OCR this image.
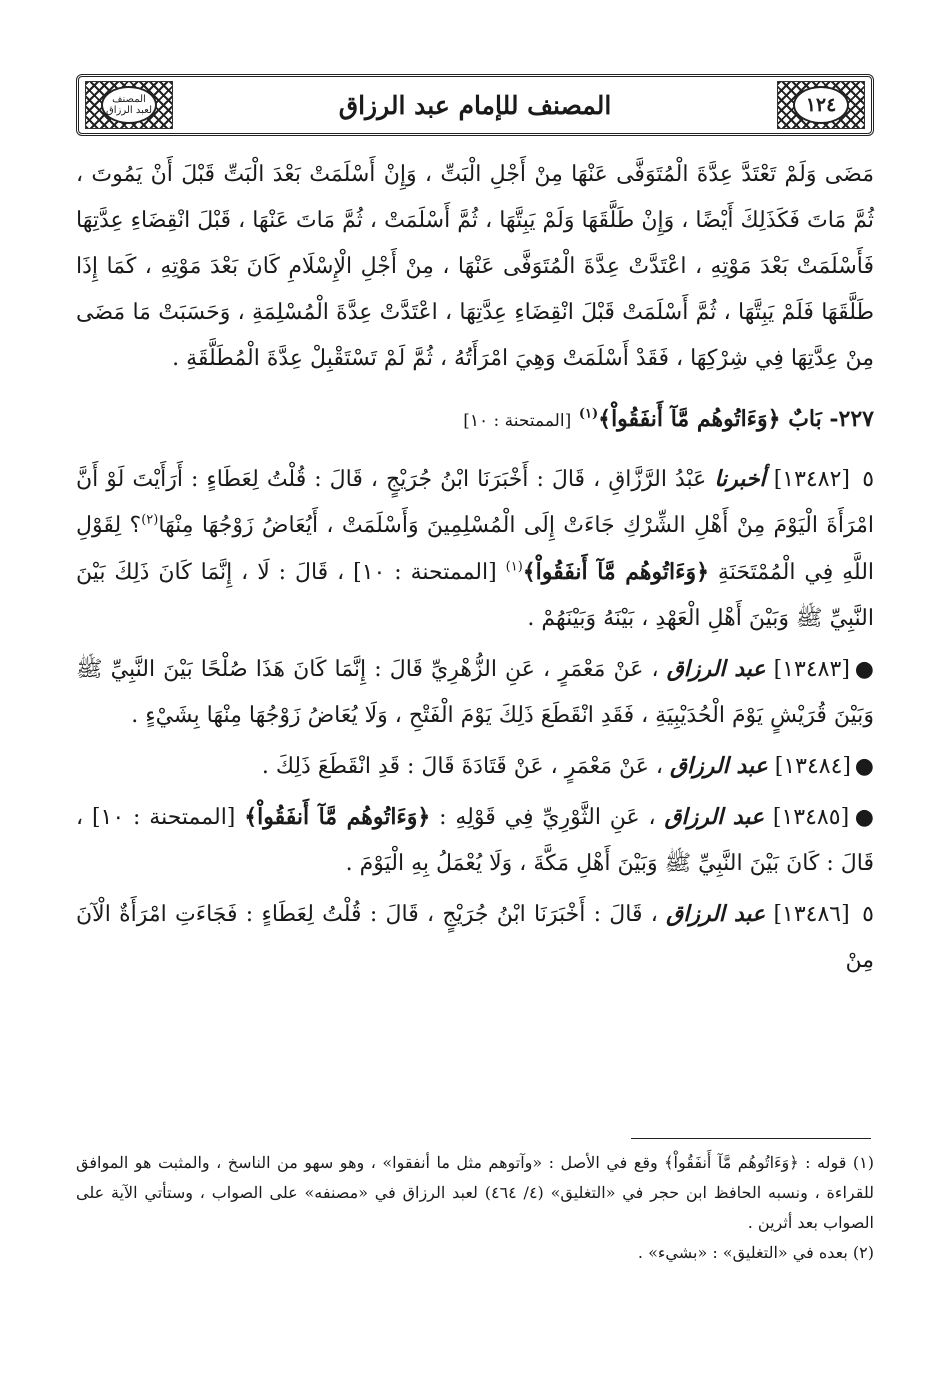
١٢٤
المصنف للإمام عبد الرزاق
المصنف لعبد الرزاق

مَضَى وَلَمْ تَعْتَدَّ عِدَّةَ الْمُتَوَفَّى عَنْهَا مِنْ أَجْلِ الْبَتِّ ، وَإِنْ أَسْلَمَتْ بَعْدَ الْبَتِّ قَبْلَ أَنْ يَمُوتَ ، ثُمَّ مَاتَ فَكَذَلِكَ أَيْضًا ، وَإِنْ طَلَّقَهَا وَلَمْ يَبِتَّهَا ، ثُمَّ أَسْلَمَتْ ، ثُمَّ مَاتَ عَنْهَا ، قَبْلَ انْقِضَاءِ عِدَّتِهَا فَأَسْلَمَتْ بَعْدَ مَوْتِهِ ، اعْتَدَّتْ عِدَّةَ الْمُتَوَفَّى عَنْهَا ، مِنْ أَجْلِ الْإِسْلَامِ كَانَ بَعْدَ مَوْتِهِ ، كَمَا إِذَا طَلَّقَهَا فَلَمْ يَبِتَّهَا ، ثُمَّ أَسْلَمَتْ قَبْلَ انْقِضَاءِ عِدَّتِهَا ، اعْتَدَّتْ عِدَّةَ الْمُسْلِمَةِ ، وَحَسَبَتْ مَا مَضَى مِنْ عِدَّتِهَا فِي شِرْكِهَا ، فَقَدْ أَسْلَمَتْ وَهِيَ امْرَأَتُهُ ، ثُمَّ لَمْ تَسْتَقْبِلْ عِدَّةَ الْمُطَلَّقَةِ .

٢٢٧- بَابٌ ﴿وَءَاتُوهُم مَّآ أَنفَقُواْ﴾$^{(١)}$ [الممتحنة : ١٠]

٥ [١٣٤٨٢] أخبرنا عَبْدُ الرَّزَّاقِ ، قَالَ : أَخْبَرَنَا ابْنُ جُرَيْجٍ ، قَالَ : قُلْتُ لِعَطَاءٍ : أَرَأَيْتَ لَوْ أَنَّ امْرَأَةَ الْيَوْمَ مِنْ أَهْلِ الشِّرْكِ جَاءَتْ إِلَى الْمُسْلِمِينَ وَأَسْلَمَتْ ، أَيُعَاضُ زَوْجُهَا مِنْهَا$^{(٢)}$؟ لِقَوْلِ اللَّهِ فِي الْمُمْتَحَنَةِ ﴿وَءَاتُوهُم مَّآ أَنفَقُواْ﴾$^{(١)}$ [الممتحنة : ١٠] ، قَالَ : لَا ، إِنَّمَا كَانَ ذَلِكَ بَيْنَ النَّبِيِّ ﷺ وَبَيْنَ أَهْلِ الْعَهْدِ ، بَيْنَهُ وَبَيْنَهُمْ .

● [١٣٤٨٣] عبد الرزاق ، عَنْ مَعْمَرٍ ، عَنِ الزُّهْرِيِّ قَالَ : إِنَّمَا كَانَ هَذَا صُلْحًا بَيْنَ النَّبِيِّ ﷺ وَبَيْنَ قُرَيْشٍ يَوْمَ الْحُدَيْبِيَةِ ، فَقَدِ انْقَطَعَ ذَلِكَ يَوْمَ الْفَتْحِ ، وَلَا يُعَاضُ زَوْجُهَا مِنْهَا بِشَيْءٍ .

● [١٣٤٨٤] عبد الرزاق ، عَنْ مَعْمَرٍ ، عَنْ قَتَادَةَ قَالَ : قَدِ انْقَطَعَ ذَلِكَ .

● [١٣٤٨٥] عبد الرزاق ، عَنِ الثَّوْرِيِّ فِي قَوْلِهِ : ﴿وَءَاتُوهُم مَّآ أَنفَقُواْ﴾ [الممتحنة : ١٠] ، قَالَ : كَانَ بَيْنَ النَّبِيِّ ﷺ وَبَيْنَ أَهْلِ مَكَّةَ ، وَلَا يُعْمَلُ بِهِ الْيَوْمَ .

٥ [١٣٤٨٦] عبد الرزاق ، قَالَ : أَخْبَرَنَا ابْنُ جُرَيْجٍ ، قَالَ : قُلْتُ لِعَطَاءٍ : فَجَاءَتِ امْرَأَةٌ الْآنَ مِنْ

(١) قوله : ﴿وَءَاتُوهُم مَّآ أَنفَقُواْ﴾ وقع في الأصل : «وآتوهم مثل ما أنفقوا» ، وهو سهو من الناسخ ، والمثبت هو الموافق للقراءة ، ونسبه الحافظ ابن حجر في «التغليق» (٤/ ٤٦٤) لعبد الرزاق في «مصنفه» على الصواب ، وستأتي الآية على الصواب بعد أثرين .

(٢) بعده في «التغليق» : «بشيء» .
